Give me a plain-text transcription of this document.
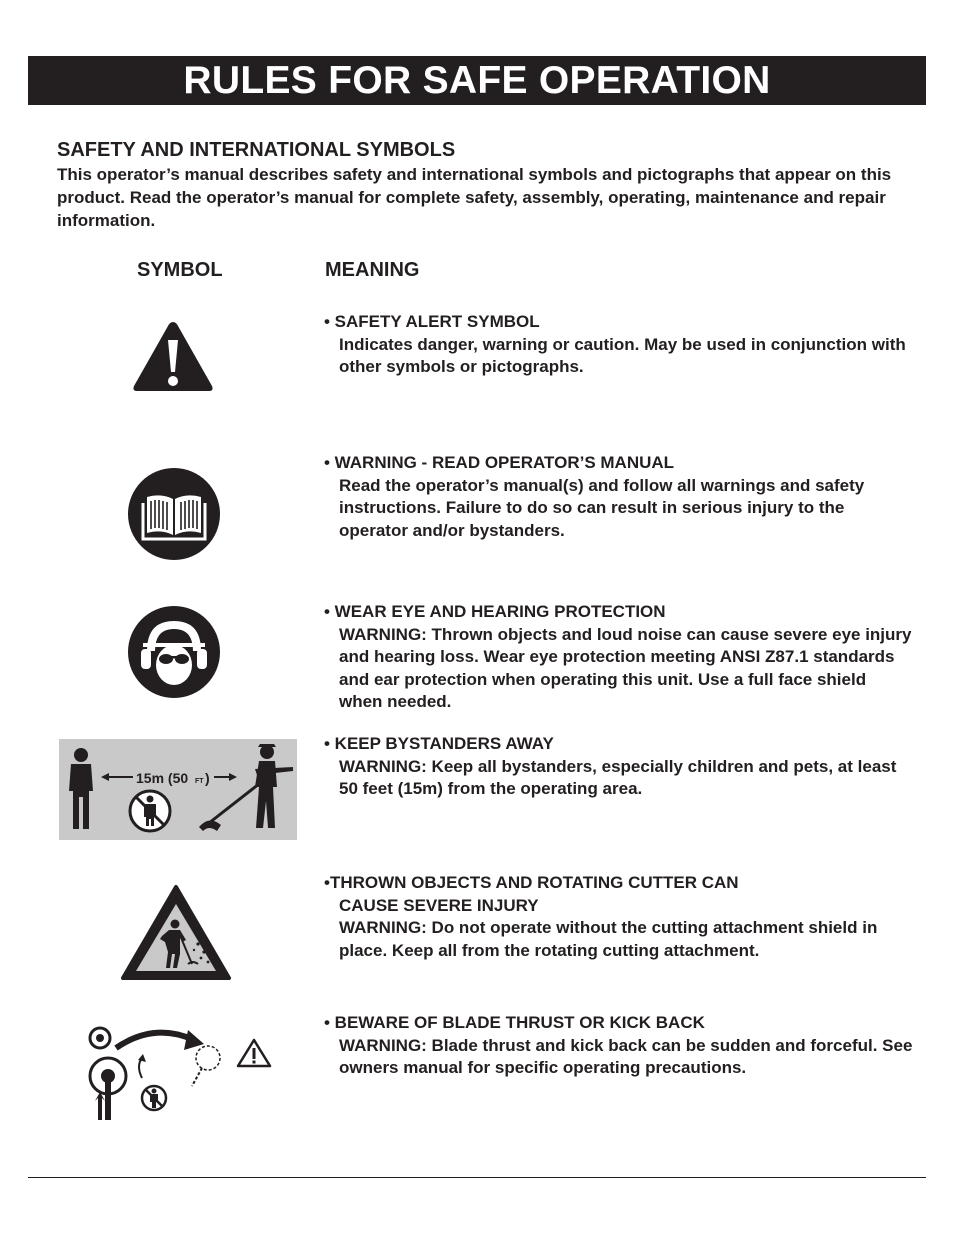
RULES FOR SAFE OPERATION
SAFETY AND INTERNATIONAL SYMBOLS
This operator’s manual describes safety and international symbols and pictographs that appear on this product. Read the operator’s manual for complete safety, assembly, operating, maintenance and repair information.
SYMBOL	MEANING
• SAFETY ALERT SYMBOL
Indicates danger, warning or caution. May be used in conjunction with other symbols or pictographs.
• WARNING - READ OPERATOR’S MANUAL
Read the operator’s manual(s) and follow all warnings and safety instructions. Failure to do so can result in serious injury to the operator and/or bystanders.
• WEAR EYE AND HEARING PROTECTION
WARNING: Thrown objects and loud noise can cause severe eye injury and hearing loss. Wear eye protection meeting ANSI Z87.1 standards and ear protection when operating this unit. Use a full face shield when needed.
15m (50 FT )
• KEEP BYSTANDERS AWAY
WARNING: Keep all bystanders, especially children and pets, at least 50 feet (15m) from the operating area.
•THROWN OBJECTS AND ROTATING CUTTER CAN
CAUSE SEVERE INJURY
WARNING: Do not operate without the cutting attachment shield in place. Keep all from the rotating cutting attachment.
• BEWARE OF BLADE THRUST OR KICK BACK
WARNING: Blade thrust and kick back can be sudden and forceful. See owners manual for specific operating precautions.
